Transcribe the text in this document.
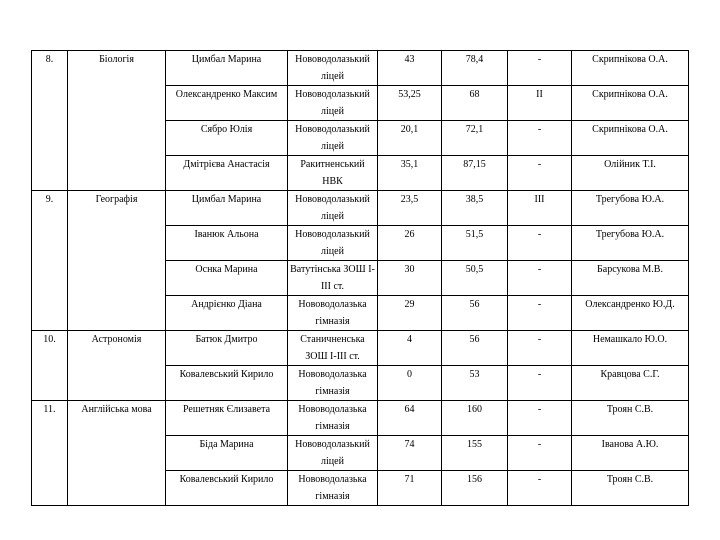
8.	Біологія	Цимбал Марина	Нововодолазький ліцей	43	78,4	-	Скрипнікова О.А.
		Олександренко Максим	Нововодолазький ліцей	53,25	68	ІІ	Скрипнікова О.А.
		Сябро Юлія	Нововодолазький ліцей	20,1	72,1	-	Скрипнікова О.А.
		Дмітрієва Анастасія	Ракитненський НВК	35,1	87,15	-	Олійник Т.І.
9.	Географія	Цимбал Марина	Нововодолазький ліцей	23,5	38,5	ІІІ	Трегубова Ю.А.
		Іванюк Альона	Нововодолазький ліцей	26	51,5	-	Трегубова Ю.А.
		Оснка Марина	Ватутінська ЗОШ І-ІІІ ст.	30	50,5	-	Барсукова М.В.
		Андрієнко Діана	Нововодолазька гімназія	29	56	-	Олександренко Ю.Д.
10.	Астрономія	Батюк Дмитро	Станичненська ЗОШ І-ІІІ ст.	4	56	-	Немашкало Ю.О.
		Ковалевський Кирило	Нововодолазька гімназія	0	53	-	Кравцова С.Г.
11.	Англійська мова	Решетняк Єлизавета	Нововодолазька гімназія	64	160	-	Троян С.В.
		Біда Марина	Нововодолазький ліцей	74	155	-	Іванова А.Ю.
		Ковалевський Кирило	Нововодолазька гімназія	71	156	-	Троян С.В.
